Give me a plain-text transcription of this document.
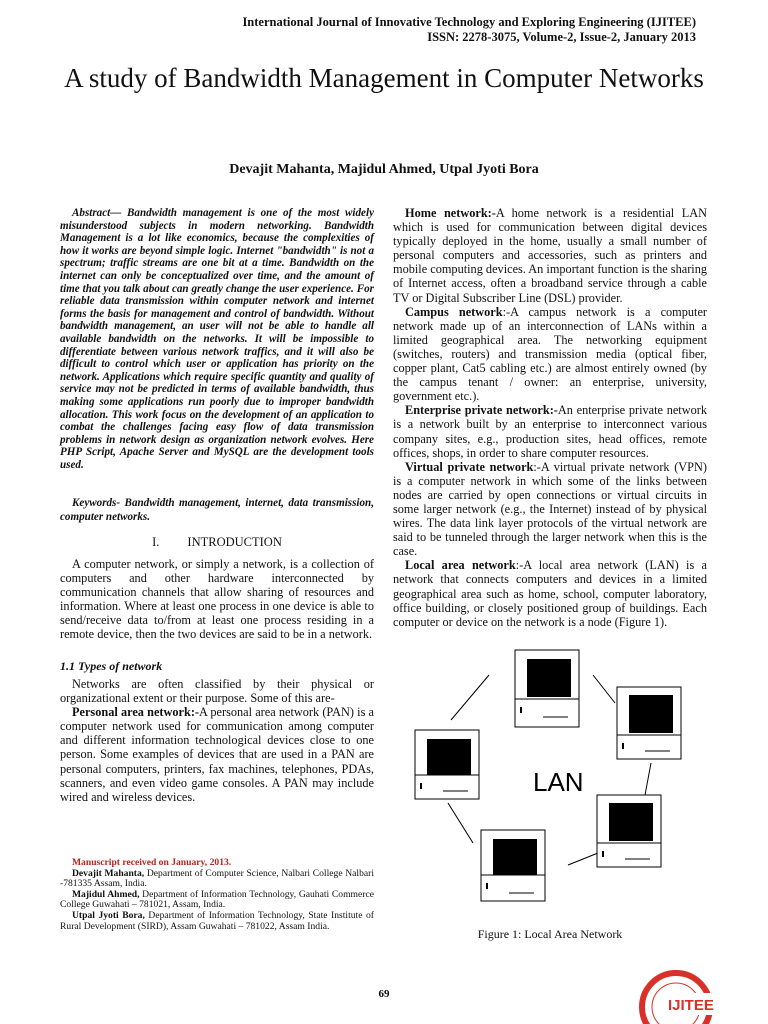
International Journal of Innovative Technology and Exploring Engineering (IJITEE)
ISSN: 2278-3075, Volume-2, Issue-2, January 2013
A study of Bandwidth Management in Computer Networks
Devajit Mahanta, Majidul Ahmed, Utpal Jyoti Bora
Abstract— Bandwidth management is one of the most widely misunderstood subjects in modern networking. Bandwidth Management is a lot like economics, because the complexities of how it works are beyond simple logic. Internet "bandwidth" is not a spectrum; traffic streams are one bit at a time. Bandwidth on the internet can only be conceptualized over time, and the amount of time that you talk about can greatly change the user experience. For reliable data transmission within computer network and internet forms the basis for management and control of bandwidth. Without bandwidth management, an user will not be able to handle all available bandwidth on the networks. It will be impossible to differentiate between various network traffics, and it will also be difficult to control which user or application has priority on the network. Applications which require specific quantity and quality of service may not be predicted in terms of available bandwidth, thus making some applications run poorly due to improper bandwidth allocation. This work focus on the development of an application to combat the challenges facing easy flow of data transmission problems in network design as organization network evolves. Here PHP Script, Apache Server and MySQL are the development tools used.
Keywords- Bandwidth management, internet, data transmission, computer networks.
I. INTRODUCTION
A computer network, or simply a network, is a collection of computers and other hardware interconnected by communication channels that allow sharing of resources and information. Where at least one process in one device is able to send/receive data to/from at least one process residing in a remote device, then the two devices are said to be in a network.
1.1 Types of network

Networks are often classified by their physical or organizational extent or their purpose. Some of this are-

Personal area network:-A personal area network (PAN) is a computer network used for communication among computer and different information technological devices close to one person. Some examples of devices that are used in a PAN are personal computers, printers, fax machines, telephones, PDAs, scanners, and even video game consoles. A PAN may include wired and wireless devices.

Manuscript received on January, 2013.

Devajit Mahanta, Department of Computer Science, Nalbari College Nalbari -781335 Assam, India.

Majidul Ahmed, Department of Information Technology, Gauhati Commerce College Guwahati – 781021, Assam, India.

Utpal Jyoti Bora, Department of Information Technology, State Institute of Rural Development (SIRD), Assam Guwahati – 781022, Assam India.

Home network:-A home network is a residential LAN which is used for communication between digital devices typically deployed in the home, usually a small number of personal computers and accessories, such as printers and mobile computing devices. An important function is the sharing of Internet access, often a broadband service through a cable TV or Digital Subscriber Line (DSL) provider.

Campus network:-A campus network is a computer network made up of an interconnection of LANs within a limited geographical area. The networking equipment (switches, routers) and transmission media (optical fiber, copper plant, Cat5 cabling etc.) are almost entirely owned (by the campus tenant / owner: an enterprise, university, government etc.).

Enterprise private network:-An enterprise private network is a network built by an enterprise to interconnect various company sites, e.g., production sites, head offices, remote offices, shops, in order to share computer resources.

Virtual private network:-A virtual private network (VPN) is a computer network in which some of the links between nodes are carried by open connections or virtual circuits in some larger network (e.g., the Internet) instead of by physical wires. The data link layer protocols of the virtual network are said to be tunneled through the larger network when this is the case.

Local area network:-A local area network (LAN) is a network that connects computers and devices in a limited geographical area such as home, school, computer laboratory, office building, or closely positioned group of buildings. Each computer or device on the network is a node (Figure 1).

LAN
Figure 1: Local Area Network
69
IJITEE
